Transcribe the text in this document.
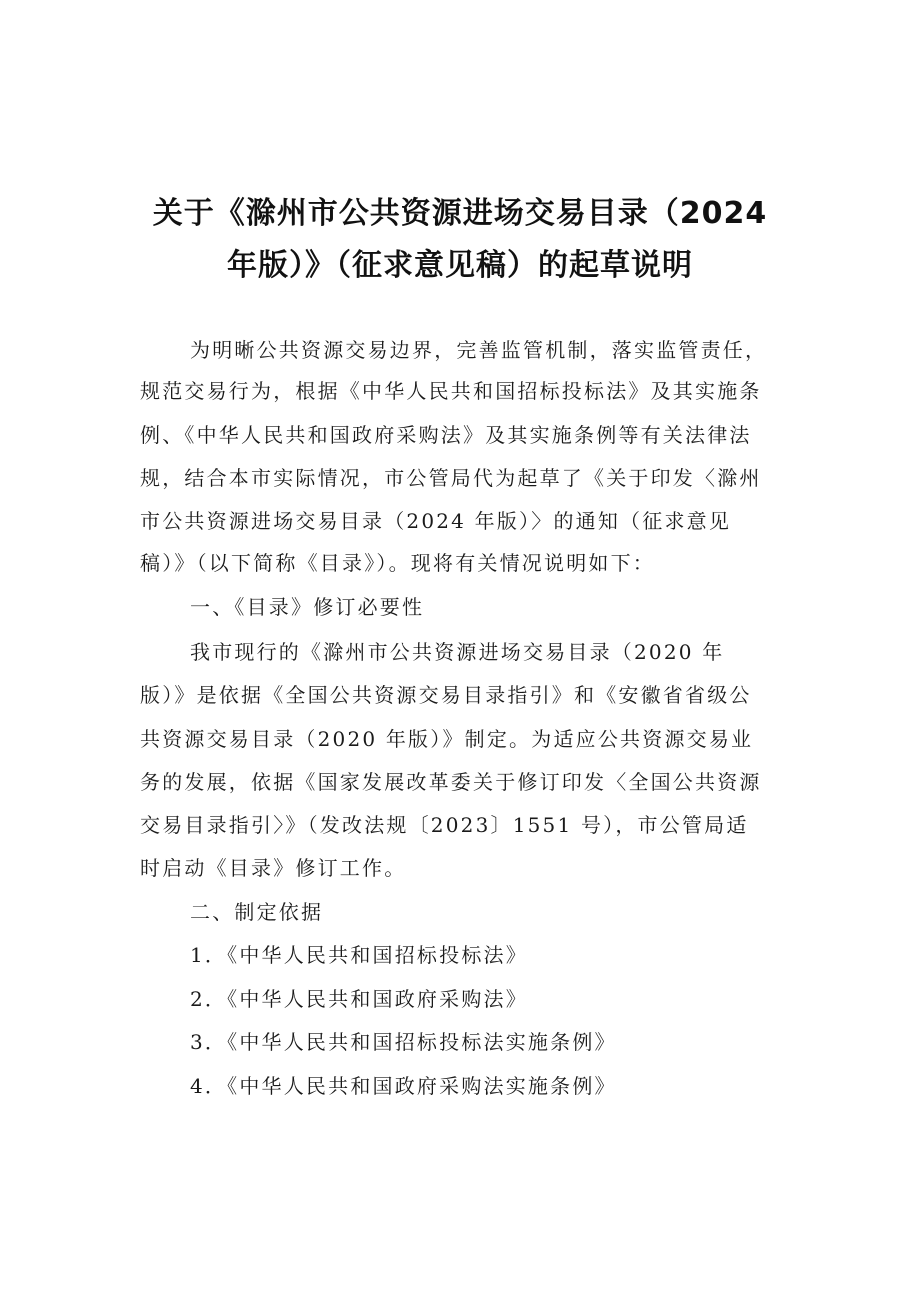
关于《滁州市公共资源进场交易目录（2024
年版）》（征求意见稿）的起草说明
为明晰公共资源交易边界，完善监管机制，落实监管责任，
规范交易行为，根据《中华人民共和国招标投标法》及其实施条
例、《中华人民共和国政府采购法》及其实施条例等有关法律法
规，结合本市实际情况，市公管局代为起草了《关于印发〈滁州
市公共资源进场交易目录（2024 年版）〉的通知（征求意见
稿）》（以下简称《目录》）。现将有关情况说明如下：
一、《目录》修订必要性
我市现行的《滁州市公共资源进场交易目录（2020 年
版）》是依据《全国公共资源交易目录指引》和《安徽省省级公
共资源交易目录（2020 年版）》制定。为适应公共资源交易业
务的发展，依据《国家发展改革委关于修订印发〈全国公共资源
交易目录指引〉》（发改法规〔2023〕1551 号），市公管局适
时启动《目录》修订工作。
二、制定依据
1．《中华人民共和国招标投标法》
2．《中华人民共和国政府采购法》
3．《中华人民共和国招标投标法实施条例》
4．《中华人民共和国政府采购法实施条例》
